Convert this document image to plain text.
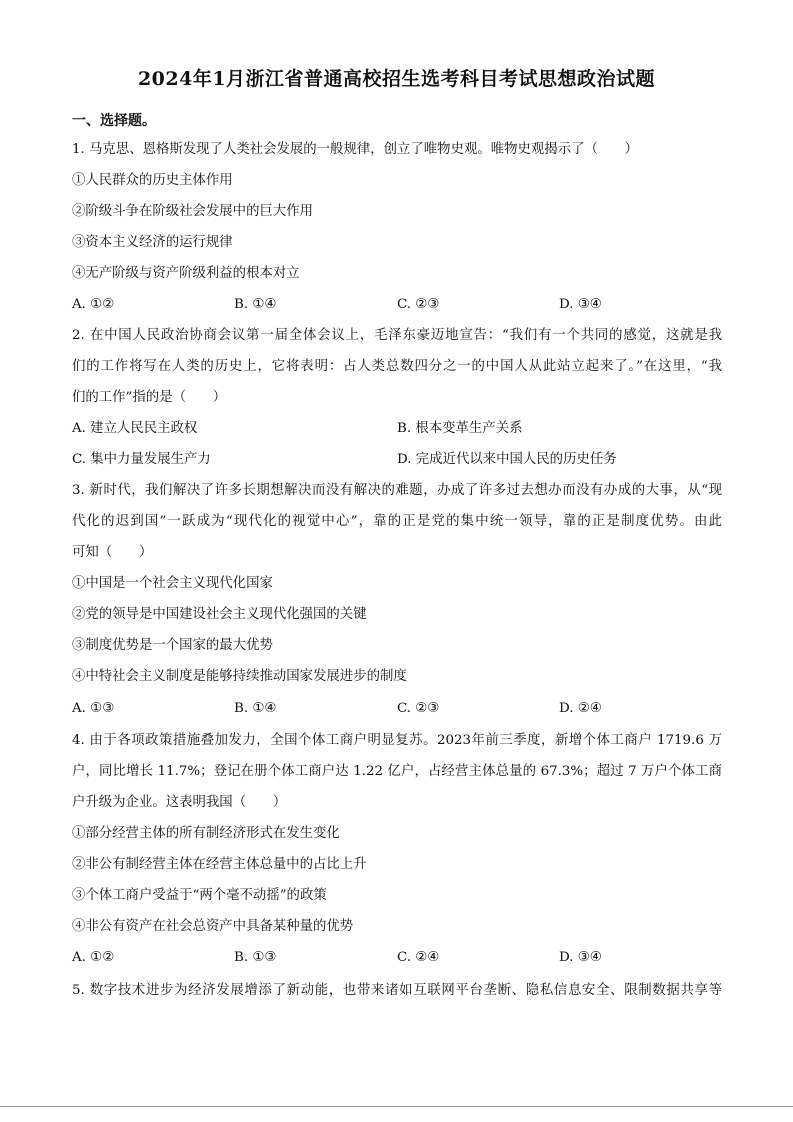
2024年1月浙江省普通高校招生选考科目考试思想政治试题
一、选择题。
1. 马克思、恩格斯发现了人类社会发展的一般规律，创立了唯物史观。唯物史观揭示了（　　）
①人民群众的历史主体作用
②阶级斗争在阶级社会发展中的巨大作用
③资本主义经济的运行规律
④无产阶级与资产阶级利益的根本对立
A. ①②	B. ①④	C. ②③	D. ③④
2. 在中国人民政治协商会议第一届全体会议上，毛泽东豪迈地宣告：“我们有一个共同的感觉，这就是我
们的工作将写在人类的历史上，它将表明：占人类总数四分之一的中国人从此站立起来了。”在这里，“我
们的工作”指的是（　　）
A. 建立人民民主政权	B. 根本变革生产关系
C. 集中力量发展生产力	D. 完成近代以来中国人民的历史任务
3. 新时代，我们解决了许多长期想解决而没有解决的难题，办成了许多过去想办而没有办成的大事，从“现
代化的迟到国”一跃成为“现代化的视觉中心”，靠的正是党的集中统一领导，靠的正是制度优势。由此
可知（　　）
①中国是一个社会主义现代化国家
②党的领导是中国建设社会主义现代化强国的关键
③制度优势是一个国家的最大优势
④中特社会主义制度是能够持续推动国家发展进步的制度
A. ①③	B. ①④	C. ②③	D. ②④
4. 由于各项政策措施叠加发力，全国个体工商户明显复苏。2023年前三季度，新增个体工商户 1719.6 万
户，同比增长 11.7%；登记在册个体工商户达 1.22 亿户，占经营主体总量的 67.3%；超过 7 万户个体工商
户升级为企业。这表明我国（　　）
①部分经营主体的所有制经济形式在发生变化
②非公有制经营主体在经营主体总量中的占比上升
③个体工商户受益于“两个毫不动摇”的政策
④非公有资产在社会总资产中具备某种量的优势
A. ①②	B. ①③	C. ②④	D. ③④
5. 数字技术进步为经济发展增添了新动能，也带来诸如互联网平台垄断、隐私信息安全、限制数据共享等
